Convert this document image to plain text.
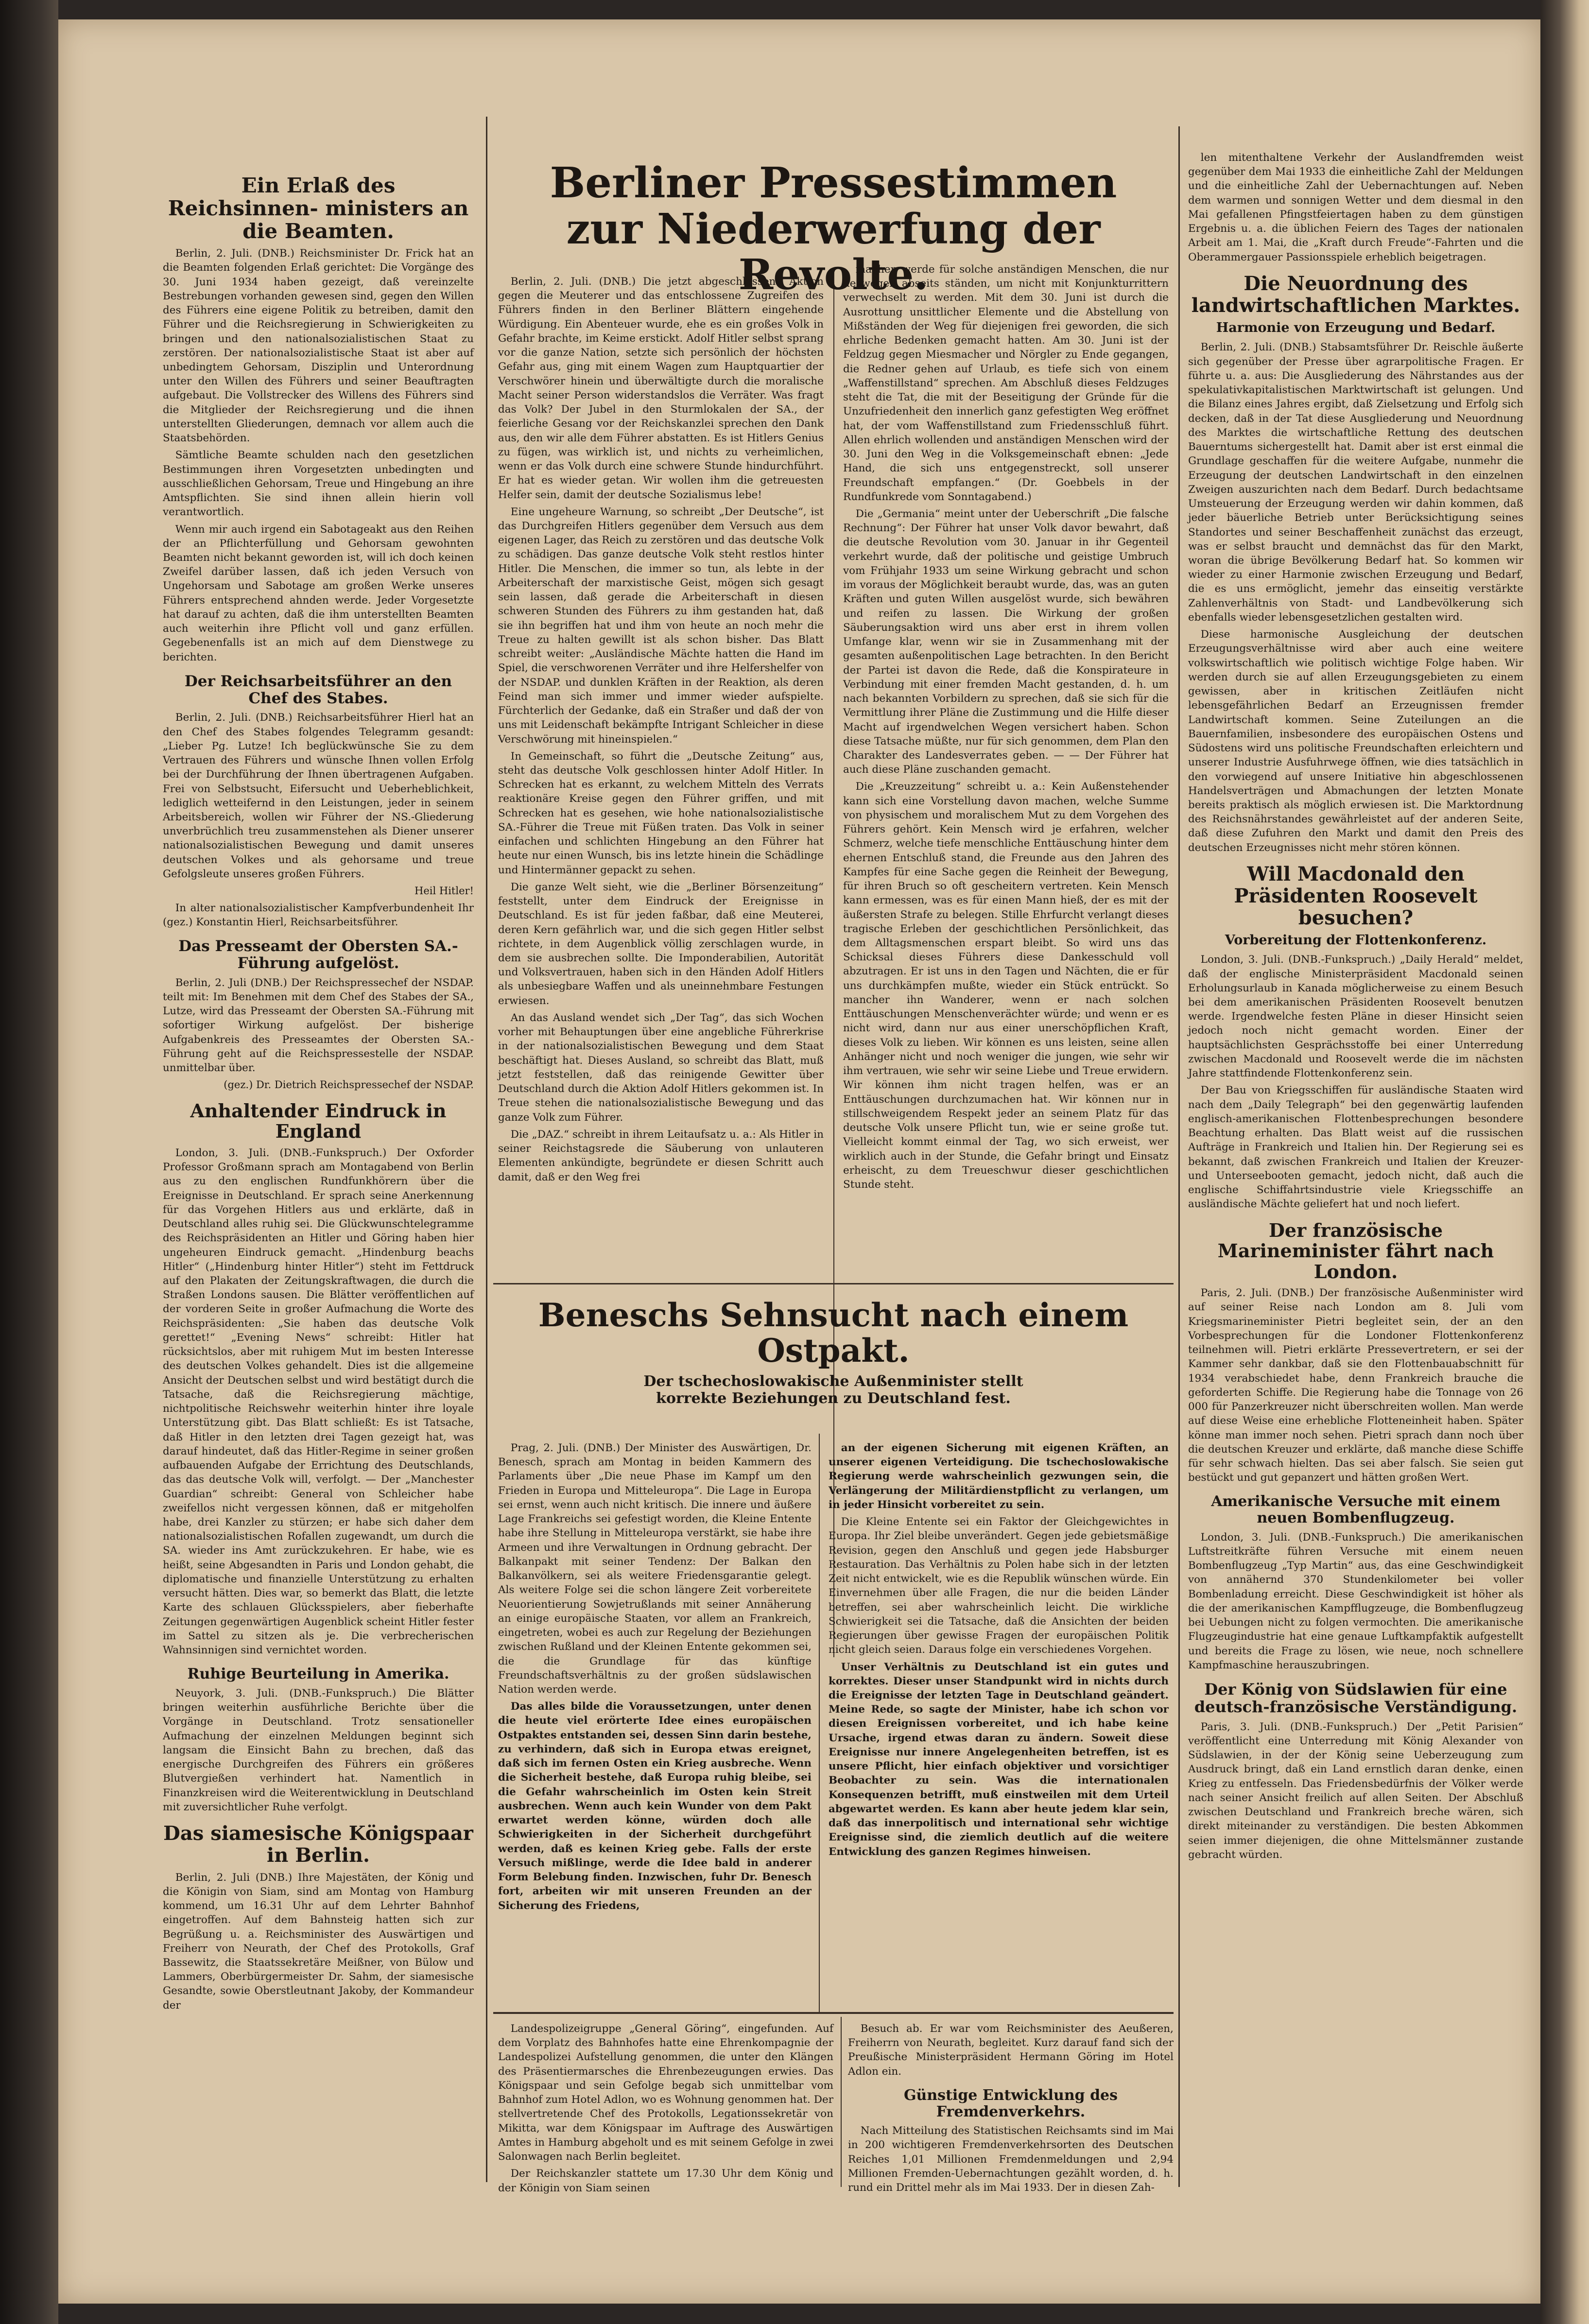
Ein Erlaß des Reichsinnen- ministers an die Beamten.
Berlin, 2. Juli. (DNB.) Reichsminister Dr. Frick hat an die Beamten folgenden Erlaß gerichtet: Die Vorgänge des 30. Juni 1934 haben gezeigt, daß vereinzelte Bestrebungen vorhanden gewesen sind, gegen den Willen des Führers eine eigene Politik zu betreiben, damit den Führer und die Reichsregierung in Schwierigkeiten zu bringen und den nationalsozialistischen Staat zu zerstören. Der nationalsozialistische Staat ist aber auf unbedingtem Gehorsam, Disziplin und Unterordnung unter den Willen des Führers und seiner Beauftragten aufgebaut. Die Vollstrecker des Willens des Führers sind die Mitglieder der Reichsregierung und die ihnen unterstellten Gliederungen, demnach vor allem auch die Staatsbehörden.
Sämtliche Beamte schulden nach den gesetzlichen Bestimmungen ihren Vorgesetzten unbedingten und ausschließlichen Gehorsam, Treue und Hingebung an ihre Amtspflichten. Sie sind ihnen allein hierin voll verantwortlich.
Wenn mir auch irgend ein Sabotageakt aus den Reihen der an Pflichterfüllung und Gehorsam gewohnten Beamten nicht bekannt geworden ist, will ich doch keinen Zweifel darüber lassen, daß ich jeden Versuch von Ungehorsam und Sabotage am großen Werke unseres Führers entsprechend ahnden werde. Jeder Vorgesetzte hat darauf zu achten, daß die ihm unterstellten Beamten auch weiterhin ihre Pflicht voll und ganz erfüllen. Gegebenenfalls ist an mich auf dem Dienstwege zu berichten.
Der Reichsarbeitsführer an den Chef des Stabes.
Berlin, 2. Juli. (DNB.) Reichsarbeitsführer Hierl hat an den Chef des Stabes folgendes Telegramm gesandt: „Lieber Pg. Lutze! Ich beglückwünsche Sie zu dem Vertrauen des Führers und wünsche Ihnen vollen Erfolg bei der Durchführung der Ihnen übertragenen Aufgaben. Frei von Selbstsucht, Eifersucht und Ueberheblichkeit, lediglich wetteifernd in den Leistungen, jeder in seinem Arbeitsbereich, wollen wir Führer der NS.-Gliederung unverbrüchlich treu zusammenstehen als Diener unserer nationalsozialistischen Bewegung und damit unseres deutschen Volkes und als gehorsame und treue Gefolgsleute unseres großen Führers.
Heil Hitler!
In alter nationalsozialistischer Kampfverbundenheit Ihr (gez.) Konstantin Hierl, Reichsarbeitsführer.
Das Presseamt der Obersten SA.-Führung aufgelöst.
Berlin, 2. Juli (DNB.) Der Reichspressechef der NSDAP. teilt mit: Im Benehmen mit dem Chef des Stabes der SA., Lutze, wird das Presseamt der Obersten SA.-Führung mit sofortiger Wirkung aufgelöst. Der bisherige Aufgabenkreis des Presseamtes der Obersten SA.-Führung geht auf die Reichspressestelle der NSDAP. unmittelbar über.
(gez.) Dr. Dietrich Reichspressechef der NSDAP.
Anhaltender Eindruck in England
London, 3. Juli. (DNB.-Funkspruch.) Der Oxforder Professor Großmann sprach am Montagabend von Berlin aus zu den englischen Rundfunkhörern über die Ereignisse in Deutschland. Er sprach seine Anerkennung für das Vorgehen Hitlers aus und erklärte, daß in Deutschland alles ruhig sei. Die Glückwunschtelegramme des Reichspräsidenten an Hitler und Göring haben hier ungeheuren Eindruck gemacht. „Hindenburg beachs Hitler“ („Hindenburg hinter Hitler“) steht im Fettdruck auf den Plakaten der Zeitungskraftwagen, die durch die Straßen Londons sausen. Die Blätter veröffentlichen auf der vorderen Seite in großer Aufmachung die Worte des Reichspräsidenten: „Sie haben das deutsche Volk gerettet!“ „Evening News“ schreibt: Hitler hat rücksichtslos, aber mit ruhigem Mut im besten Interesse des deutschen Volkes gehandelt. Dies ist die allgemeine Ansicht der Deutschen selbst und wird bestätigt durch die Tatsache, daß die Reichsregierung mächtige, nichtpolitische Reichswehr weiterhin hinter ihre loyale Unterstützung gibt. Das Blatt schließt: Es ist Tatsache, daß Hitler in den letzten drei Tagen gezeigt hat, was darauf hindeutet, daß das Hitler-Regime in seiner großen aufbauenden Aufgabe der Errichtung des Deutschlands, das das deutsche Volk will, verfolgt. — Der „Manchester Guardian“ schreibt: General von Schleicher habe zweifellos nicht vergessen können, daß er mitgeholfen habe, drei Kanzler zu stürzen; er habe sich daher dem nationalsozialistischen Rofallen zugewandt, um durch die SA. wieder ins Amt zurückzukehren. Er habe, wie es heißt, seine Abgesandten in Paris und London gehabt, die diplomatische und finanzielle Unterstützung zu erhalten versucht hätten. Dies war, so bemerkt das Blatt, die letzte Karte des schlauen Glücksspielers, aber fieberhafte Zeitungen gegenwärtigen Augenblick scheint Hitler fester im Sattel zu sitzen als je. Die verbrecherischen Wahnsinnigen sind vernichtet worden.
Ruhige Beurteilung in Amerika.
Neuyork, 3. Juli. (DNB.-Funkspruch.) Die Blätter bringen weiterhin ausführliche Berichte über die Vorgänge in Deutschland. Trotz sensationeller Aufmachung der einzelnen Meldungen beginnt sich langsam die Einsicht Bahn zu brechen, daß das energische Durchgreifen des Führers ein größeres Blutvergießen verhindert hat. Namentlich in Finanzkreisen wird die Weiterentwicklung in Deutschland mit zuversichtlicher Ruhe verfolgt.
Das siamesische Königspaar in Berlin.
Berlin, 2. Juli (DNB.) Ihre Majestäten, der König und die Königin von Siam, sind am Montag von Hamburg kommend, um 16.31 Uhr auf dem Lehrter Bahnhof eingetroffen. Auf dem Bahnsteig hatten sich zur Begrüßung u. a. Reichsminister des Auswärtigen und Freiherr von Neurath, der Chef des Protokolls, Graf Bassewitz, die Staatssekretäre Meißner, von Bülow und Lammers, Oberbürgermeister Dr. Sahm, der siamesische Gesandte, sowie Oberstleutnant Jakoby, der Kommandeur der
Berliner Pressestimmen
zur Niederwerfung der Revolte.
Berlin, 2. Juli. (DNB.) Die jetzt abgeschlossene Aktion gegen die Meuterer und das entschlossene Zugreifen des Führers finden in den Berliner Blättern eingehende Würdigung. Ein Abenteuer wurde, ehe es ein großes Volk in Gefahr brachte, im Keime erstickt. Adolf Hitler selbst sprang vor die ganze Nation, setzte sich persönlich der höchsten Gefahr aus, ging mit einem Wagen zum Hauptquartier der Verschwörer hinein und überwältigte durch die moralische Macht seiner Person widerstandslos die Verräter. Was fragt das Volk? Der Jubel in den Sturmlokalen der SA., der feierliche Gesang vor der Reichskanzlei sprechen den Dank aus, den wir alle dem Führer abstatten. Es ist Hitlers Genius zu fügen, was wirklich ist, und nichts zu verheimlichen, wenn er das Volk durch eine schwere Stunde hindurchführt. Er hat es wieder getan. Wir wollen ihm die getreuesten Helfer sein, damit der deutsche Sozialismus lebe!
Eine ungeheure Warnung, so schreibt „Der Deutsche“, ist das Durchgreifen Hitlers gegenüber dem Versuch aus dem eigenen Lager, das Reich zu zerstören und das deutsche Volk zu schädigen. Das ganze deutsche Volk steht restlos hinter Hitler. Die Menschen, die immer so tun, als lebte in der Arbeiterschaft der marxistische Geist, mögen sich gesagt sein lassen, daß gerade die Arbeiterschaft in diesen schweren Stunden des Führers zu ihm gestanden hat, daß sie ihn begriffen hat und ihm von heute an noch mehr die Treue zu halten gewillt ist als schon bisher. Das Blatt schreibt weiter: „Ausländische Mächte hatten die Hand im Spiel, die verschworenen Verräter und ihre Helfershelfer von der NSDAP. und dunklen Kräften in der Reaktion, als deren Feind man sich immer und immer wieder aufspielte. Fürchterlich der Gedanke, daß ein Straßer und daß der von uns mit Leidenschaft bekämpfte Intrigant Schleicher in diese Verschwörung mit hineinspielen.“
In Gemeinschaft, so führt die „Deutsche Zeitung“ aus, steht das deutsche Volk geschlossen hinter Adolf Hitler. In Schrecken hat es erkannt, zu welchem Mitteln des Verrats reaktionäre Kreise gegen den Führer griffen, und mit Schrecken hat es gesehen, wie hohe nationalsozialistische SA.-Führer die Treue mit Füßen traten. Das Volk in seiner einfachen und schlichten Hingebung an den Führer hat heute nur einen Wunsch, bis ins letzte hinein die Schädlinge und Hintermänner gepackt zu sehen.
Die ganze Welt sieht, wie die „Berliner Börsenzeitung“ feststellt, unter dem Eindruck der Ereignisse in Deutschland. Es ist für jeden faßbar, daß eine Meuterei, deren Kern gefährlich war, und die sich gegen Hitler selbst richtete, in dem Augenblick völlig zerschlagen wurde, in dem sie ausbrechen sollte. Die Imponderabilien, Autorität und Volksvertrauen, haben sich in den Händen Adolf Hitlers als unbesiegbare Waffen und als uneinnehmbare Festungen erwiesen.
An das Ausland wendet sich „Der Tag“, das sich Wochen vorher mit Behauptungen über eine angebliche Führerkrise in der nationalsozialistischen Bewegung und dem Staat beschäftigt hat. Dieses Ausland, so schreibt das Blatt, muß jetzt feststellen, daß das reinigende Gewitter über Deutschland durch die Aktion Adolf Hitlers gekommen ist. In Treue stehen die nationalsozialistische Bewegung und das ganze Volk zum Führer.
Die „DAZ.“ schreibt in ihrem Leitaufsatz u. a.: Als Hitler in seiner Reichstagsrede die Säuberung von unlauteren Elementen ankündigte, begründete er diesen Schritt auch damit, daß er den Weg frei
machen werde für solche anständigen Menschen, die nur deswegen abseits ständen, um nicht mit Konjunkturrittern verwechselt zu werden. Mit dem 30. Juni ist durch die Ausrottung unsittlicher Elemente und die Abstellung von Mißständen der Weg für diejenigen frei geworden, die sich ehrliche Bedenken gemacht hatten. Am 30. Juni ist der Feldzug gegen Miesmacher und Nörgler zu Ende gegangen, die Redner gehen auf Urlaub, es tiefe sich von einem „Waffenstillstand“ sprechen. Am Abschluß dieses Feldzuges steht die Tat, die mit der Beseitigung der Gründe für die Unzufriedenheit den innerlich ganz gefestigten Weg eröffnet hat, der vom Waffenstillstand zum Friedensschluß führt. Allen ehrlich wollenden und anständigen Menschen wird der 30. Juni den Weg in die Volksgemeinschaft ebnen: „Jede Hand, die sich uns entgegenstreckt, soll unserer Freundschaft empfangen.“ (Dr. Goebbels in der Rundfunkrede vom Sonntagabend.)
Die „Germania“ meint unter der Ueberschrift „Die falsche Rechnung“: Der Führer hat unser Volk davor bewahrt, daß die deutsche Revolution vom 30. Januar in ihr Gegenteil verkehrt wurde, daß der politische und geistige Umbruch vom Frühjahr 1933 um seine Wirkung gebracht und schon im voraus der Möglichkeit beraubt wurde, das, was an guten Kräften und guten Willen ausgelöst wurde, sich bewähren und reifen zu lassen. Die Wirkung der großen Säuberungsaktion wird uns aber erst in ihrem vollen Umfange klar, wenn wir sie in Zusammenhang mit der gesamten außenpolitischen Lage betrachten. In den Bericht der Partei ist davon die Rede, daß die Konspirateure in Verbindung mit einer fremden Macht gestanden, d. h. um nach bekannten Vorbildern zu sprechen, daß sie sich für die Vermittlung ihrer Pläne die Zustimmung und die Hilfe dieser Macht auf irgendwelchen Wegen versichert haben. Schon diese Tatsache müßte, nur für sich genommen, dem Plan den Charakter des Landesverrates geben. — — Der Führer hat auch diese Pläne zuschanden gemacht.
Die „Kreuzzeitung“ schreibt u. a.: Kein Außenstehender kann sich eine Vorstellung davon machen, welche Summe von physischem und moralischem Mut zu dem Vorgehen des Führers gehört. Kein Mensch wird je erfahren, welcher Schmerz, welche tiefe menschliche Enttäuschung hinter dem ehernen Entschluß stand, die Freunde aus den Jahren des Kampfes für eine Sache gegen die Reinheit der Bewegung, für ihren Bruch so oft gescheitern vertreten. Kein Mensch kann ermessen, was es für einen Mann hieß, der es mit der äußersten Strafe zu belegen. Stille Ehrfurcht verlangt dieses tragische Erleben der geschichtlichen Persönlichkeit, das dem Alltagsmenschen erspart bleibt. So wird uns das Schicksal dieses Führers diese Dankesschuld voll abzutragen. Er ist uns in den Tagen und Nächten, die er für uns durchkämpfen mußte, wieder ein Stück entrückt. So mancher ihn Wanderer, wenn er nach solchen Enttäuschungen Menschenverächter würde; und wenn er es nicht wird, dann nur aus einer unerschöpflichen Kraft, dieses Volk zu lieben. Wir können es uns leisten, seine allen Anhänger nicht und noch weniger die jungen, wie sehr wir ihm vertrauen, wie sehr wir seine Liebe und Treue erwidern. Wir können ihm nicht tragen helfen, was er an Enttäuschungen durchzumachen hat. Wir können nur in stillschweigendem Respekt jeder an seinem Platz für das deutsche Volk unsere Pflicht tun, wie er seine große tut. Vielleicht kommt einmal der Tag, wo sich erweist, wer wirklich auch in der Stunde, die Gefahr bringt und Einsatz erheischt, zu dem Treueschwur dieser geschichtlichen Stunde steht.
Beneschs Sehnsucht nach einem Ostpakt.
Der tschechoslowakische Außenminister stellt korrekte Beziehungen zu Deutschland fest.
Prag, 2. Juli. (DNB.) Der Minister des Auswärtigen, Dr. Benesch, sprach am Montag in beiden Kammern des Parlaments über „Die neue Phase im Kampf um den Frieden in Europa und Mitteleuropa“. Die Lage in Europa sei ernst, wenn auch nicht kritisch. Die innere und äußere Lage Frankreichs sei gefestigt worden, die Kleine Entente habe ihre Stellung in Mitteleuropa verstärkt, sie habe ihre Armeen und ihre Verwaltungen in Ordnung gebracht. Der Balkanpakt mit seiner Tendenz: Der Balkan den Balkanvölkern, sei als weitere Friedensgarantie gelegt. Als weitere Folge sei die schon längere Zeit vorbereitete Neuorientierung Sowjetrußlands mit seiner Annäherung an einige europäische Staaten, vor allem an Frankreich, eingetreten, wobei es auch zur Regelung der Beziehungen zwischen Rußland und der Kleinen Entente gekommen sei, die die Grundlage für das künftige Freundschaftsverhältnis zu der großen südslawischen Nation werden werde.
Das alles bilde die Voraussetzungen, unter denen die heute viel erörterte Idee eines europäischen Ostpaktes entstanden sei, dessen Sinn darin bestehe, zu verhindern, daß sich in Europa etwas ereignet, daß sich im fernen Osten ein Krieg ausbreche. Wenn die Sicherheit bestehe, daß Europa ruhig bleibe, sei die Gefahr wahrscheinlich im Osten kein Streit ausbrechen. Wenn auch kein Wunder von dem Pakt erwartet werden könne, würden doch alle Schwierigkeiten in der Sicherheit durchgeführt werden, daß es keinen Krieg gebe. Falls der erste Versuch mißlinge, werde die Idee bald in anderer Form Belebung finden. Inzwischen, fuhr Dr. Benesch fort, arbeiten wir mit unseren Freunden an der Sicherung des Friedens,
an der eigenen Sicherung mit eigenen Kräften, an unserer eigenen Verteidigung. Die tschechoslowakische Regierung werde wahrscheinlich gezwungen sein, die Verlängerung der Militärdienstpflicht zu verlangen, um in jeder Hinsicht vorbereitet zu sein.
Die Kleine Entente sei ein Faktor der Gleichgewichtes in Europa. Ihr Ziel bleibe unverändert. Gegen jede gebietsmäßige Revision, gegen den Anschluß und gegen jede Habsburger Restauration. Das Verhältnis zu Polen habe sich in der letzten Zeit nicht entwickelt, wie es die Republik wünschen würde. Ein Einvernehmen über alle Fragen, die nur die beiden Länder betreffen, sei aber wahrscheinlich leicht. Die wirkliche Schwierigkeit sei die Tatsache, daß die Ansichten der beiden Regierungen über gewisse Fragen der europäischen Politik nicht gleich seien. Daraus folge ein verschiedenes Vorgehen.
Unser Verhältnis zu Deutschland ist ein gutes und korrektes. Dieser unser Standpunkt wird in nichts durch die Ereignisse der letzten Tage in Deutschland geändert. Meine Rede, so sagte der Minister, habe ich schon vor diesen Ereignissen vorbereitet, und ich habe keine Ursache, irgend etwas daran zu ändern. Soweit diese Ereignisse nur innere Angelegenheiten betreffen, ist es unsere Pflicht, hier einfach objektiver und vorsichtiger Beobachter zu sein. Was die internationalen Konsequenzen betrifft, muß einstweilen mit dem Urteil abgewartet werden. Es kann aber heute jedem klar sein, daß das innerpolitisch und international sehr wichtige Ereignisse sind, die ziemlich deutlich auf die weitere Entwicklung des ganzen Regimes hinweisen.
Landespolizeigruppe „General Göring“, eingefunden. Auf dem Vorplatz des Bahnhofes hatte eine Ehrenkompagnie der Landespolizei Aufstellung genommen, die unter den Klängen des Präsentiermarsches die Ehrenbezeugungen erwies. Das Königspaar und sein Gefolge begab sich unmittelbar vom Bahnhof zum Hotel Adlon, wo es Wohnung genommen hat. Der stellvertretende Chef des Protokolls, Legationssekretär von Mikitta, war dem Königspaar im Auftrage des Auswärtigen Amtes in Hamburg abgeholt und es mit seinem Gefolge in zwei Salonwagen nach Berlin begleitet.
Der Reichskanzler stattete um 17.30 Uhr dem König und der Königin von Siam seinen
Besuch ab. Er war vom Reichsminister des Aeußeren, Freiherrn von Neurath, begleitet. Kurz darauf fand sich der Preußische Ministerpräsident Hermann Göring im Hotel Adlon ein.
Günstige Entwicklung des Fremdenverkehrs.
Nach Mitteilung des Statistischen Reichsamts sind im Mai in 200 wichtigeren Fremdenverkehrsorten des Deutschen Reiches 1,01 Millionen Fremdenmeldungen und 2,94 Millionen Fremden-Uebernachtungen gezählt worden, d. h. rund ein Drittel mehr als im Mai 1933. Der in diesen Zah-
len mitenthaltene Verkehr der Auslandfremden weist gegenüber dem Mai 1933 die einheitliche Zahl der Meldungen und die einheitliche Zahl der Uebernachtungen auf. Neben dem warmen und sonnigen Wetter und dem diesmal in den Mai gefallenen Pfingstfeiertagen haben zu dem günstigen Ergebnis u. a. die üblichen Feiern des Tages der nationalen Arbeit am 1. Mai, die „Kraft durch Freude“-Fahrten und die Oberammergauer Passionsspiele erheblich beigetragen.
Die Neuordnung des landwirtschaftlichen Marktes.
Harmonie von Erzeugung und Bedarf.
Berlin, 2. Juli. (DNB.) Stabsamtsführer Dr. Reischle äußerte sich gegenüber der Presse über agrarpolitische Fragen. Er führte u. a. aus: Die Ausgliederung des Nährstandes aus der spekulativkapitalistischen Marktwirtschaft ist gelungen. Und die Bilanz eines Jahres ergibt, daß Zielsetzung und Erfolg sich decken, daß in der Tat diese Ausgliederung und Neuordnung des Marktes die wirtschaftliche Rettung des deutschen Bauerntums sichergestellt hat. Damit aber ist erst einmal die Grundlage geschaffen für die weitere Aufgabe, nunmehr die Erzeugung der deutschen Landwirtschaft in den einzelnen Zweigen auszurichten nach dem Bedarf. Durch bedachtsame Umsteuerung der Erzeugung werden wir dahin kommen, daß jeder bäuerliche Betrieb unter Berücksichtigung seines Standortes und seiner Beschaffenheit zunächst das erzeugt, was er selbst braucht und demnächst das für den Markt, woran die übrige Bevölkerung Bedarf hat. So kommen wir wieder zu einer Harmonie zwischen Erzeugung und Bedarf, die es uns ermöglicht, jemehr das einseitig verstärkte Zahlenverhältnis von Stadt- und Landbevölkerung sich ebenfalls wieder lebensgesetzlichen gestalten wird.
Diese harmonische Ausgleichung der deutschen Erzeugungsverhältnisse wird aber auch eine weitere volkswirtschaftlich wie politisch wichtige Folge haben. Wir werden durch sie auf allen Erzeugungsgebieten zu einem gewissen, aber in kritischen Zeitläufen nicht lebensgefährlichen Bedarf an Erzeugnissen fremder Landwirtschaft kommen. Seine Zuteilungen an die Bauernfamilien, insbesondere des europäischen Ostens und Südostens wird uns politische Freundschaften erleichtern und unserer Industrie Ausfuhrwege öffnen, wie dies tatsächlich in den vorwiegend auf unsere Initiative hin abgeschlossenen Handelsverträgen und Abmachungen der letzten Monate bereits praktisch als möglich erwiesen ist. Die Marktordnung des Reichsnährstandes gewährleistet auf der anderen Seite, daß diese Zufuhren den Markt und damit den Preis des deutschen Erzeugnisses nicht mehr stören können.
Will Macdonald den Präsidenten Roosevelt besuchen?
Vorbereitung der Flottenkonferenz.
London, 3. Juli. (DNB.-Funkspruch.) „Daily Herald“ meldet, daß der englische Ministerpräsident Macdonald seinen Erholungsurlaub in Kanada möglicherweise zu einem Besuch bei dem amerikanischen Präsidenten Roosevelt benutzen werde. Irgendwelche festen Pläne in dieser Hinsicht seien jedoch noch nicht gemacht worden. Einer der hauptsächlichsten Gesprächsstoffe bei einer Unterredung zwischen Macdonald und Roosevelt werde die im nächsten Jahre stattfindende Flottenkonferenz sein.
Der Bau von Kriegsschiffen für ausländische Staaten wird nach dem „Daily Telegraph“ bei den gegenwärtig laufenden englisch-amerikanischen Flottenbesprechungen besondere Beachtung erhalten. Das Blatt weist auf die russischen Aufträge in Frankreich und Italien hin. Der Regierung sei es bekannt, daß zwischen Frankreich und Italien der Kreuzer- und Unterseebooten gemacht, jedoch nicht, daß auch die englische Schiffahrtsindustrie viele Kriegsschiffe an ausländische Mächte geliefert hat und noch liefert.
Der französische Marineminister fährt nach London.
Paris, 2. Juli. (DNB.) Der französische Außenminister wird auf seiner Reise nach London am 8. Juli vom Kriegsmarineminister Pietri begleitet sein, der an den Vorbesprechungen für die Londoner Flottenkonferenz teilnehmen will. Pietri erklärte Pressevertretern, er sei der Kammer sehr dankbar, daß sie den Flottenbauabschnitt für 1934 verabschiedet habe, denn Frankreich brauche die geforderten Schiffe. Die Regierung habe die Tonnage von 26 000 für Panzerkreuzer nicht überschreiten wollen. Man werde auf diese Weise eine erhebliche Flotteneinheit haben. Später könne man immer noch sehen. Pietri sprach dann noch über die deutschen Kreuzer und erklärte, daß manche diese Schiffe für sehr schwach hielten. Das sei aber falsch. Sie seien gut bestückt und gut gepanzert und hätten großen Wert.
Amerikanische Versuche mit einem neuen Bombenflugzeug.
London, 3. Juli. (DNB.-Funkspruch.) Die amerikanischen Luftstreitkräfte führen Versuche mit einem neuen Bombenflugzeug „Typ Martin“ aus, das eine Geschwindigkeit von annähernd 370 Stundenkilometer bei voller Bombenladung erreicht. Diese Geschwindigkeit ist höher als die der amerikanischen Kampfflugzeuge, die Bombenflugzeug bei Uebungen nicht zu folgen vermochten. Die amerikanische Flugzeugindustrie hat eine genaue Luftkampfaktik aufgestellt und bereits die Frage zu lösen, wie neue, noch schnellere Kampfmaschine herauszubringen.
Der König von Südslawien für eine deutsch-französische Verständigung.
Paris, 3. Juli. (DNB.-Funkspruch.) Der „Petit Parisien“ veröffentlicht eine Unterredung mit König Alexander von Südslawien, in der der König seine Ueberzeugung zum Ausdruck bringt, daß ein Land ernstlich daran denke, einen Krieg zu entfesseln. Das Friedensbedürfnis der Völker werde nach seiner Ansicht freilich auf allen Seiten. Der Abschluß zwischen Deutschland und Frankreich breche wären, sich direkt miteinander zu verständigen. Die besten Abkommen seien immer diejenigen, die ohne Mittelsmänner zustande gebracht würden.
